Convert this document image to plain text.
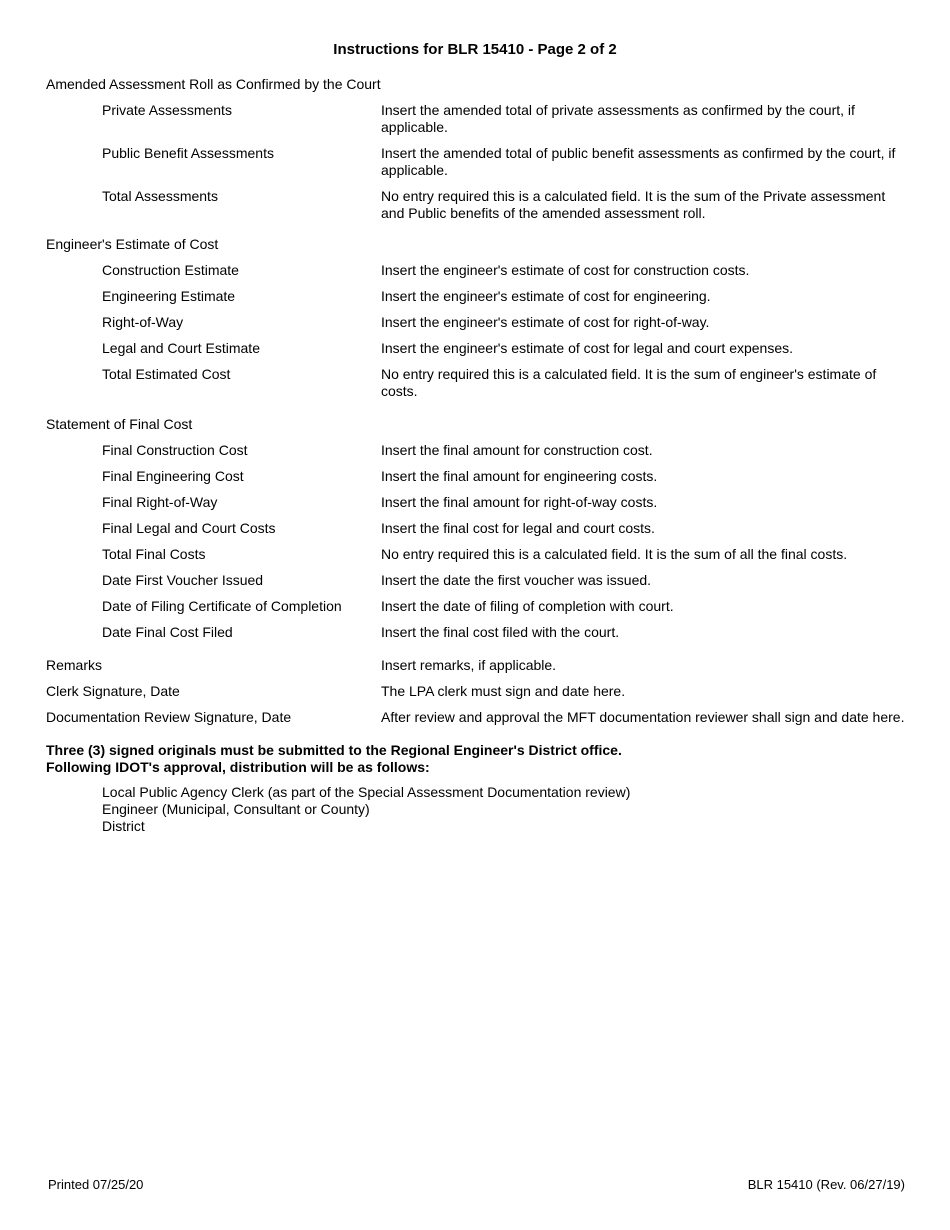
Instructions for BLR 15410 - Page 2 of 2
Amended Assessment Roll as Confirmed by the Court
Private Assessments	Insert the amended total of private assessments as confirmed by the court, if applicable.
Public Benefit Assessments	Insert the amended total of public benefit assessments as confirmed by the court, if applicable.
Total Assessments	No entry required this is a calculated field. It is the sum of the Private assessment and Public benefits of the amended assessment roll.
Engineer's Estimate of Cost
Construction Estimate	Insert the engineer's estimate of cost for construction costs.
Engineering Estimate	Insert the engineer's estimate of cost for engineering.
Right-of-Way	Insert the engineer's estimate of cost for right-of-way.
Legal and Court Estimate	Insert the engineer's estimate of cost for legal and court expenses.
Total Estimated Cost	No entry required this is a calculated field. It is the sum of engineer's estimate of costs.
Statement of Final Cost
Final Construction Cost	Insert the final amount for construction cost.
Final Engineering Cost	Insert the final amount for engineering costs.
Final Right-of-Way	Insert the final amount for right-of-way costs.
Final Legal and Court Costs	Insert the final cost for legal and court costs.
Total Final Costs	No entry required this is a calculated field. It is the sum of all the final costs.
Date First Voucher Issued	Insert the date the first voucher was issued.
Date of Filing Certificate of Completion	Insert the date of filing of completion with court.
Date Final Cost Filed	Insert the final cost filed with the court.
Remarks	Insert remarks, if applicable.
Clerk Signature, Date	The LPA clerk must sign and date here.
Documentation Review Signature, Date	After review and approval the MFT documentation reviewer shall sign and date here.
Three (3) signed originals must be submitted to the Regional Engineer's District office.
Following IDOT's approval, distribution will be as follows:
Local Public Agency Clerk (as part of the Special Assessment Documentation review)
Engineer (Municipal, Consultant or County)
District
Printed 07/25/20	BLR 15410 (Rev. 06/27/19)
